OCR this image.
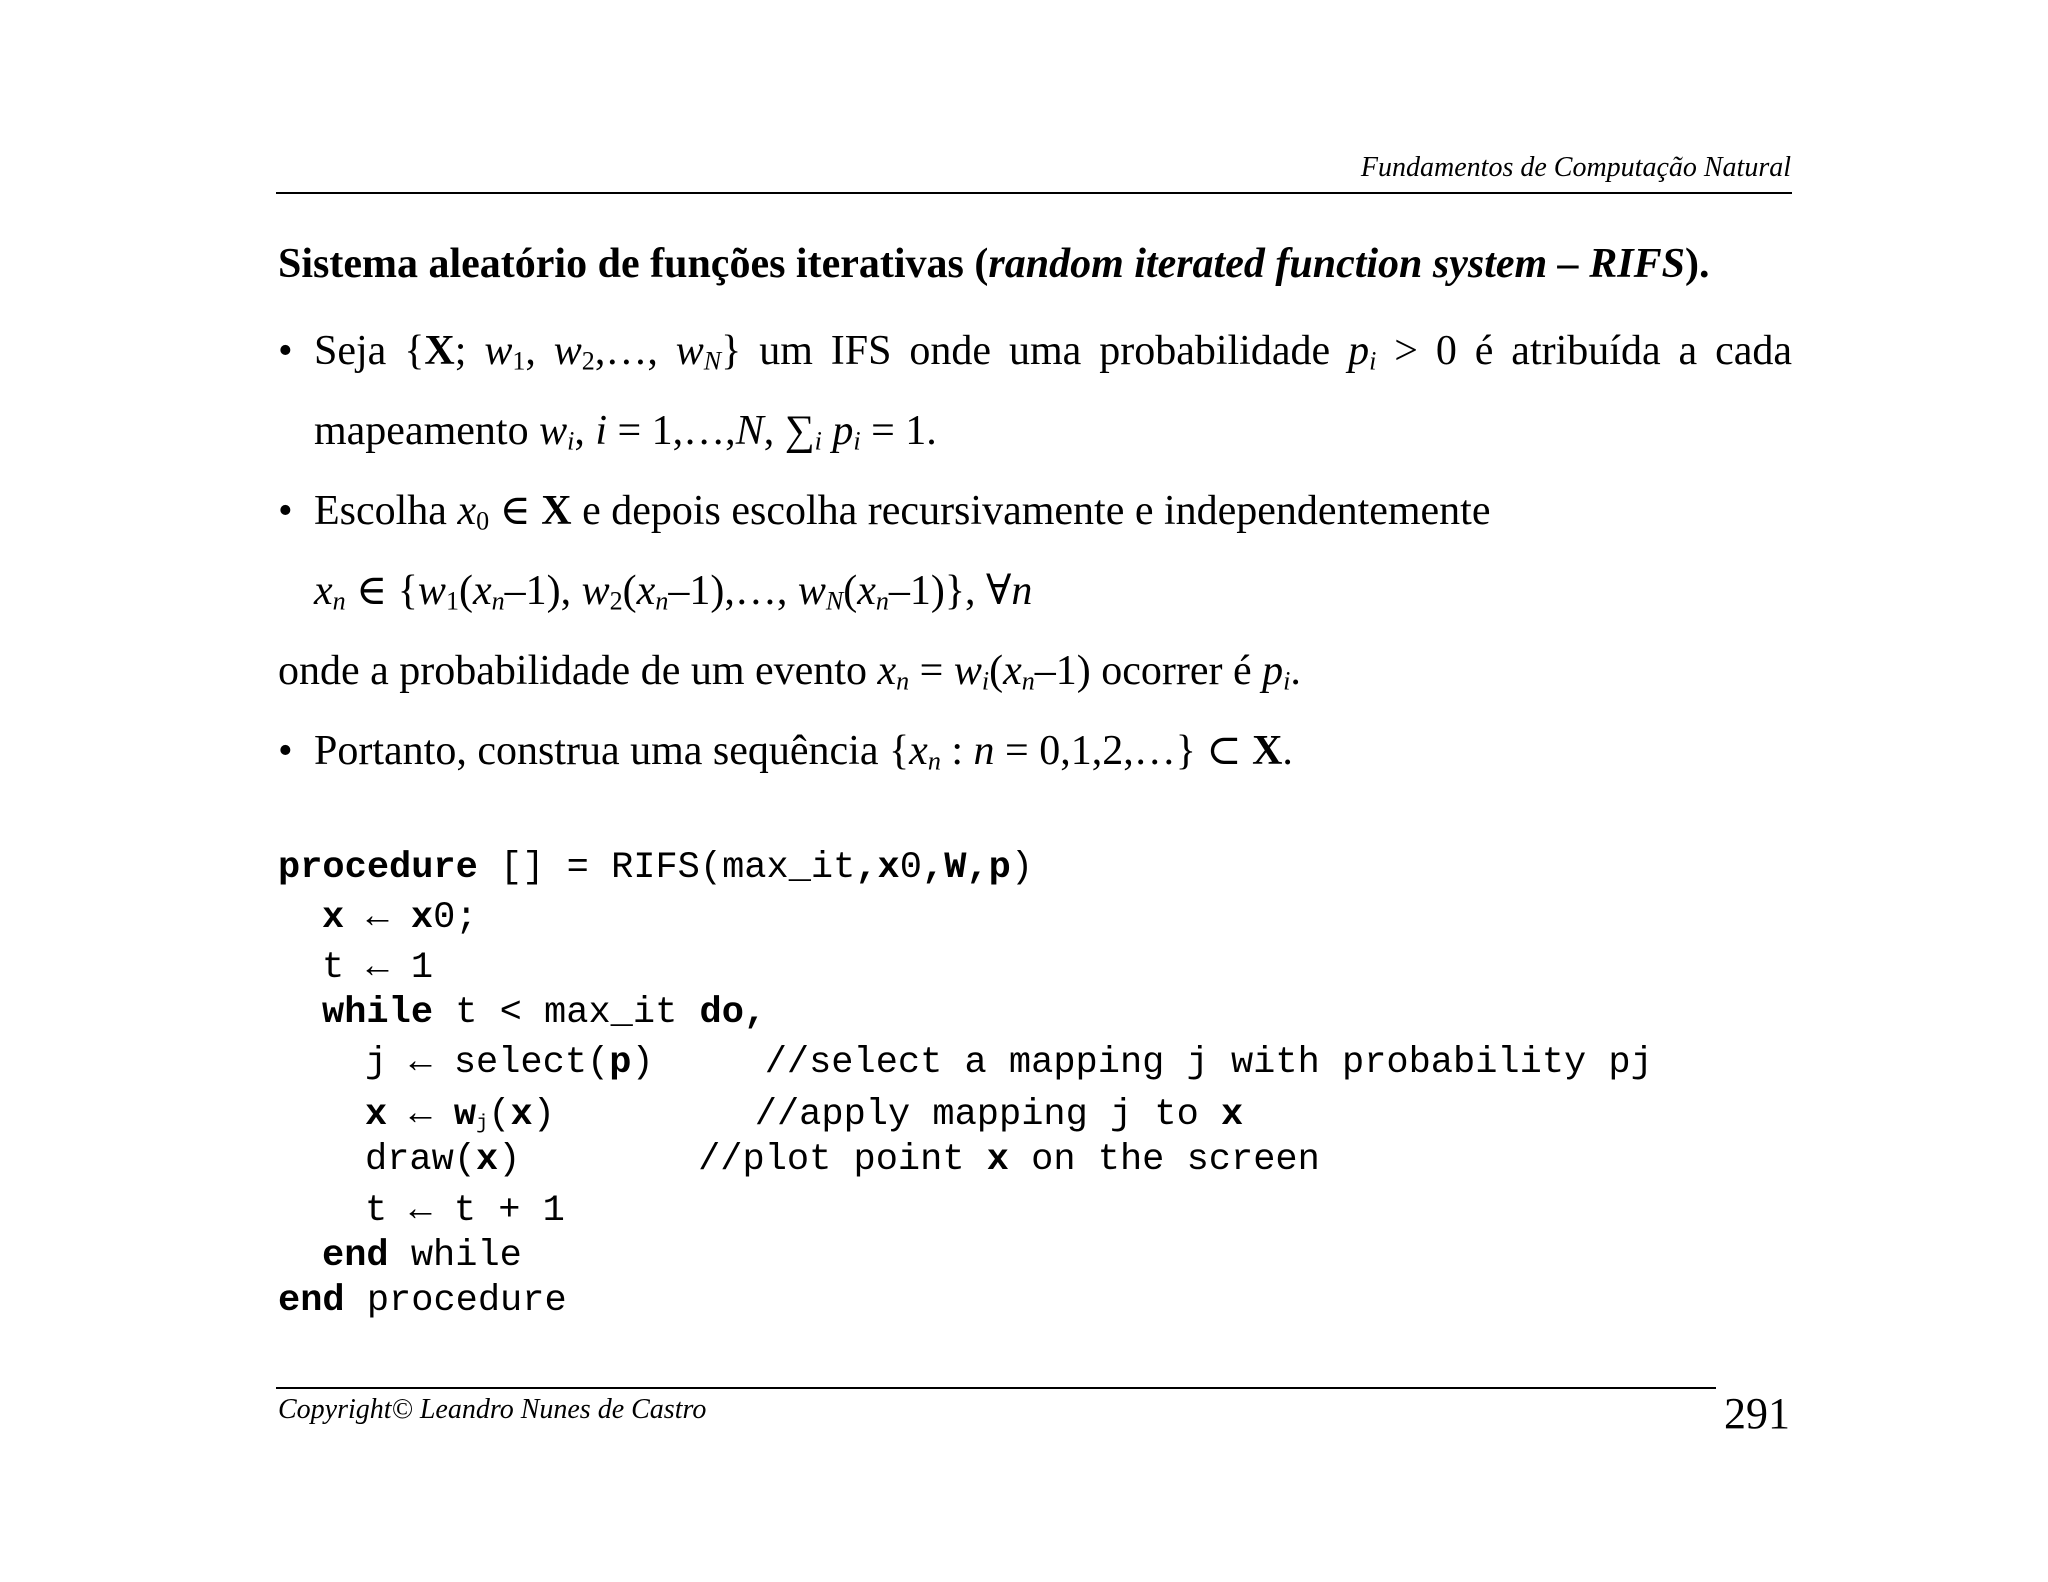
Fundamentos de Computação Natural
Sistema aleatório de funções iterativas (random iterated function system – RIFS).
• Seja {X; $w_1$, $w_2,\dots$, $w_N$} um IFS onde uma probabilidade $p_i > 0$ é atribuída a cada
mapeamento $w_i$, i = 1,…,N, $\sum_i$ $p_i = 1$.
• Escolha $x_0$ ∈ X e depois escolha recursivamente e independentemente
$x_n$ ∈ {$w_1(x_n-1)$, $w_2(x_n-1),\dots$, $w_N(x_n-1)$}, ∀n
onde a probabilidade de um evento $x_n = w_i(x_n-1)$ ocorrer é $p_i$.
• Portanto, construa uma sequência {$x_n$ : n = 0,1,2,…} ⊂ X.
procedure [] = RIFS(max_it,x0,W,p)
x ← x0;
t ← 1
while t < max_it do,
j ← select(p)     //select a mapping j with probability pj
x ← $w_j(x)$         //apply mapping j to x
draw(x)        //plot point x on the screen
t ← t + 1
end while
end procedure
Copyright© Leandro Nunes de Castro	291
